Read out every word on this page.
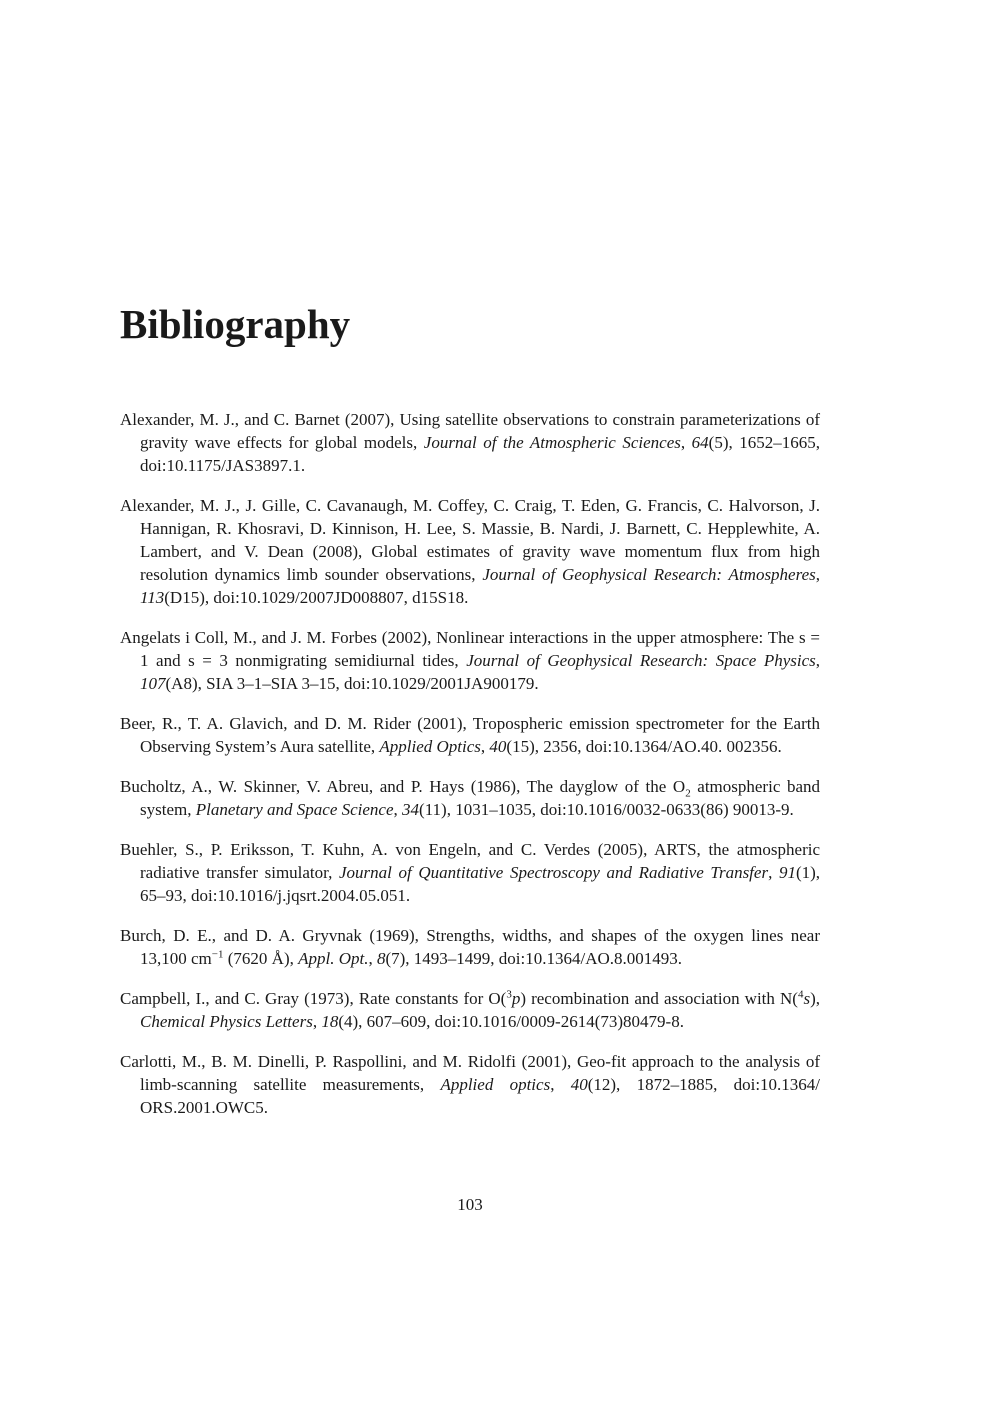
Bibliography
Alexander, M. J., and C. Barnet (2007), Using satellite observations to constrain parameterizations of gravity wave effects for global models, Journal of the Atmospheric Sciences, 64(5), 1652–1665, doi:10.1175/JAS3897.1.
Alexander, M. J., J. Gille, C. Cavanaugh, M. Coffey, C. Craig, T. Eden, G. Francis, C. Halvorson, J. Hannigan, R. Khosravi, D. Kinnison, H. Lee, S. Massie, B. Nardi, J. Barnett, C. Hepplewhite, A. Lambert, and V. Dean (2008), Global estimates of gravity wave momentum flux from high resolution dynamics limb sounder observations, Journal of Geophysical Research: Atmospheres, 113(D15), doi:10.1029/2007JD008807, d15S18.
Angelats i Coll, M., and J. M. Forbes (2002), Nonlinear interactions in the upper atmosphere: The s = 1 and s = 3 nonmigrating semidiurnal tides, Journal of Geophysical Research: Space Physics, 107(A8), SIA 3–1–SIA 3–15, doi:10.1029/2001JA900179.
Beer, R., T. A. Glavich, and D. M. Rider (2001), Tropospheric emission spectrometer for the Earth Observing System’s Aura satellite, Applied Optics, 40(15), 2356, doi:10.1364/AO.40. 002356.
Bucholtz, A., W. Skinner, V. Abreu, and P. Hays (1986), The dayglow of the $O_2$ atmospheric band system, Planetary and Space Science, 34(11), 1031–1035, doi:10.1016/0032-0633(86) 90013-9.
Buehler, S., P. Eriksson, T. Kuhn, A. von Engeln, and C. Verdes (2005), ARTS, the atmospheric radiative transfer simulator, Journal of Quantitative Spectroscopy and Radiative Transfer, 91(1), 65–93, doi:10.1016/j.jqsrt.2004.05.051.
Burch, D. E., and D. A. Gryvnak (1969), Strengths, widths, and shapes of the oxygen lines near 13,100 $cm^{-1}$ (7620 Å), Appl. Opt., 8(7), 1493–1499, doi:10.1364/AO.8.001493.
Campbell, I., and C. Gray (1973), Rate constants for O($^3$p) recombination and association with N($^4$s), Chemical Physics Letters, 18(4), 607–609, doi:10.1016/0009-2614(73)80479-8.
Carlotti, M., B. M. Dinelli, P. Raspollini, and M. Ridolfi (2001), Geo-fit approach to the analysis of limb-scanning satellite measurements, Applied optics, 40(12), 1872–1885, doi:10.1364/ ORS.2001.OWC5.
103
